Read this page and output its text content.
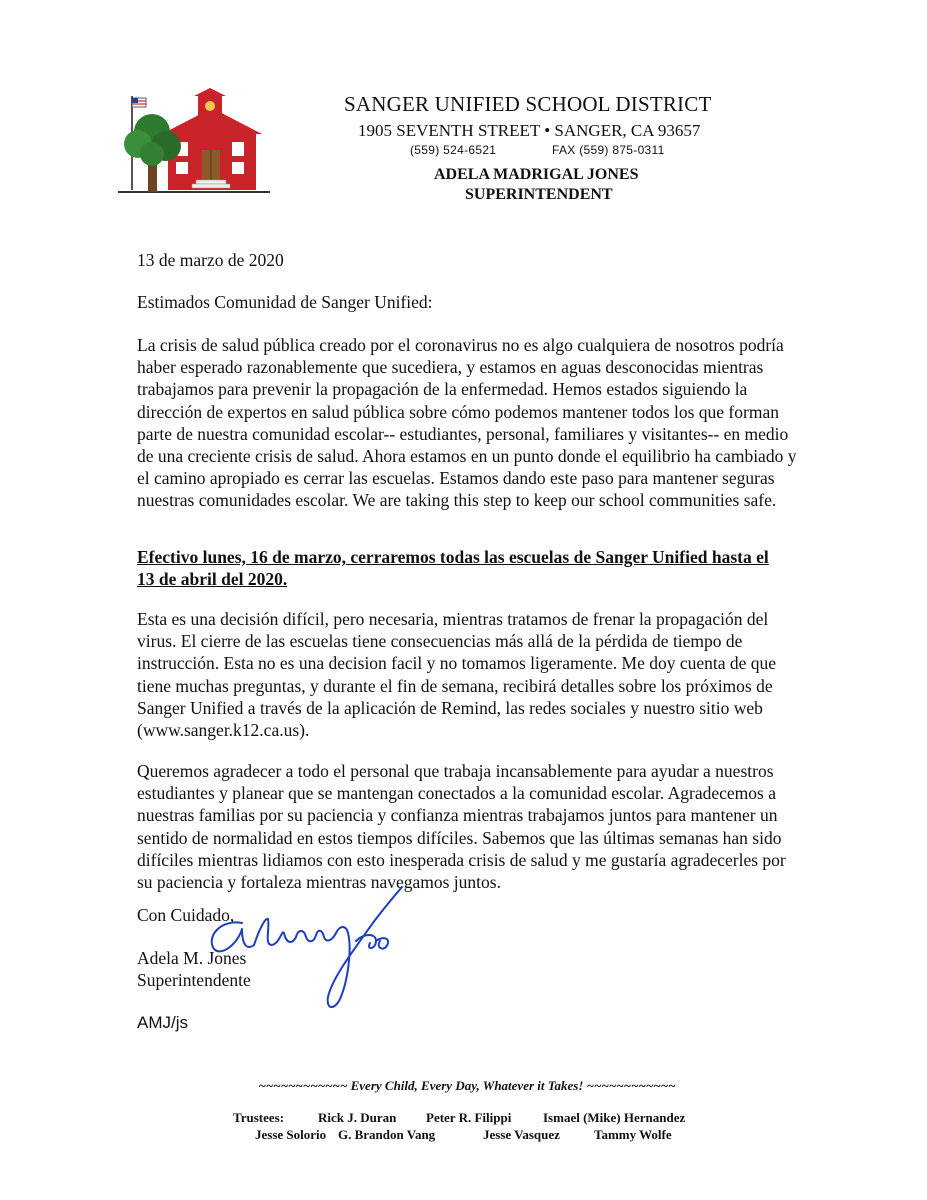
SANGER UNIFIED SCHOOL DISTRICT
1905 SEVENTH STREET • SANGER, CA 93657
(559) 524-6521	FAX (559) 875-0311
ADELA MADRIGAL JONES
SUPERINTENDENT
13 de marzo de 2020
Estimados Comunidad de Sanger Unified:
La crisis de salud pública creado por el coronavirus no es algo cualquiera de nosotros podría haber esperado razonablemente que sucediera, y estamos en aguas desconocidas mientras trabajamos para prevenir la propagación de la enfermedad. Hemos estados siguiendo la dirección de expertos en salud pública sobre cómo podemos mantener todos los que forman parte de nuestra comunidad escolar-- estudiantes, personal, familiares y visitantes-- en medio de una creciente crisis de salud. Ahora estamos en un punto donde el equilibrio ha cambiado y el camino apropiado es cerrar las escuelas. Estamos dando este paso para mantener seguras nuestras comunidades escolar. We are taking this step to keep our school communities safe.
Efectivo lunes, 16 de marzo, cerraremos todas las escuelas de Sanger Unified hasta el 13 de abril del 2020.
Esta es una decisión difícil, pero necesaria, mientras tratamos de frenar la propagación del virus. El cierre de las escuelas tiene consecuencias más allá de la pérdida de tiempo de instrucción. Esta no es una decision facil y no tomamos ligeramente. Me doy cuenta de que tiene muchas preguntas, y durante el fin de semana, recibirá detalles sobre los próximos de Sanger Unified a través de la aplicación de Remind, las redes sociales y nuestro sitio web (www.sanger.k12.ca.us).
Queremos agradecer a todo el personal que trabaja incansablemente para ayudar a nuestros estudiantes y planear que se mantengan conectados a la comunidad escolar. Agradecemos a nuestras familias por su paciencia y confianza mientras trabajamos juntos para mantener un sentido de normalidad en estos tiempos difíciles. Sabemos que las últimas semanas han sido difíciles mientras lidiamos con esto inesperada crisis de salud y me gustaría agradecerles por su paciencia y fortaleza mientras navegamos juntos.
Con Cuidado,
Adela M. Jones
Superintendente
AMJ/js
~~~~~~~~~~~~ Every Child, Every Day, Whatever it Takes! ~~~~~~~~~~~~
Trustees:	Rick J. Duran Peter R. Filippi Ismael (Mike) Hernandez
Jesse Solorio G. Brandon Vang	Jesse Vasquez	Tammy Wolfe
